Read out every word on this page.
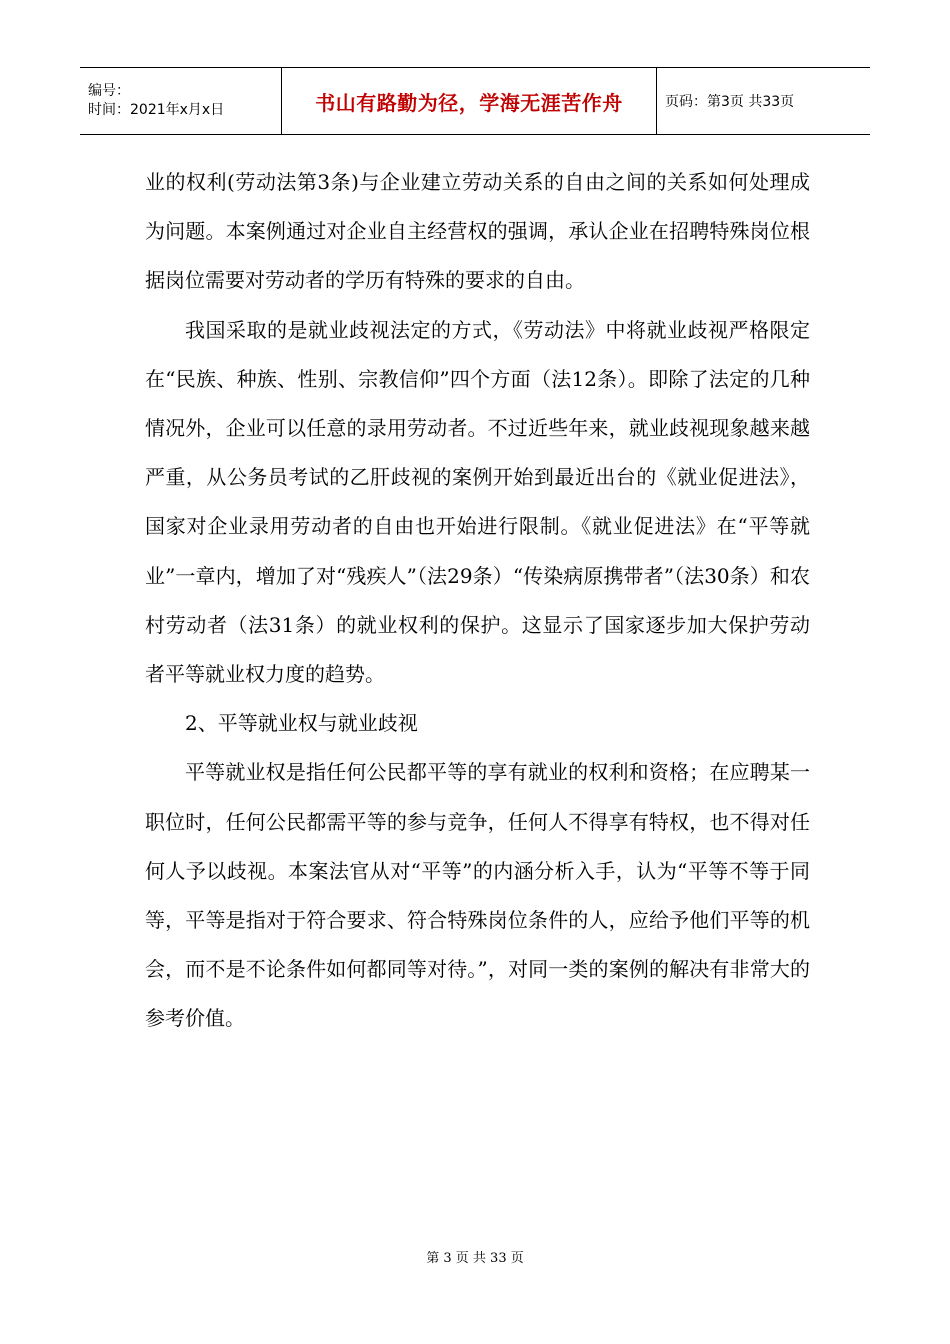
编号：
时间：2021年x月x日	书山有路勤为径，学海无涯苦作舟	页码：第3页 共33页

业的权利(劳动法第3条)与企业建立劳动关系的自由之间的关系如何处理成为问题。本案例通过对企业自主经营权的强调，承认企业在招聘特殊岗位根据岗位需要对劳动者的学历有特殊的要求的自由。

我国采取的是就业歧视法定的方式，《劳动法》中将就业歧视严格限定在“民族、种族、性别、宗教信仰”四个方面（法12条）。即除了法定的几种情况外，企业可以任意的录用劳动者。不过近些年来，就业歧视现象越来越严重，从公务员考试的乙肝歧视的案例开始到最近出台的《就业促进法》，国家对企业录用劳动者的自由也开始进行限制。《就业促进法》在“平等就业”一章内，增加了对“残疾人”（法29条）“传染病原携带者”（法30条）和农村劳动者（法31条）的就业权利的保护。这显示了国家逐步加大保护劳动者平等就业权力度的趋势。

2、平等就业权与就业歧视

平等就业权是指任何公民都平等的享有就业的权利和资格；在应聘某一职位时，任何公民都需平等的参与竞争，任何人不得享有特权，也不得对任何人予以歧视。本案法官从对“平等”的内涵分析入手，认为“平等不等于同等，平等是指对于符合要求、符合特殊岗位条件的人，应给予他们平等的机会，而不是不论条件如何都同等对待。”，对同一类的案例的解决有非常大的参考价值。

第 3 页 共 33 页
